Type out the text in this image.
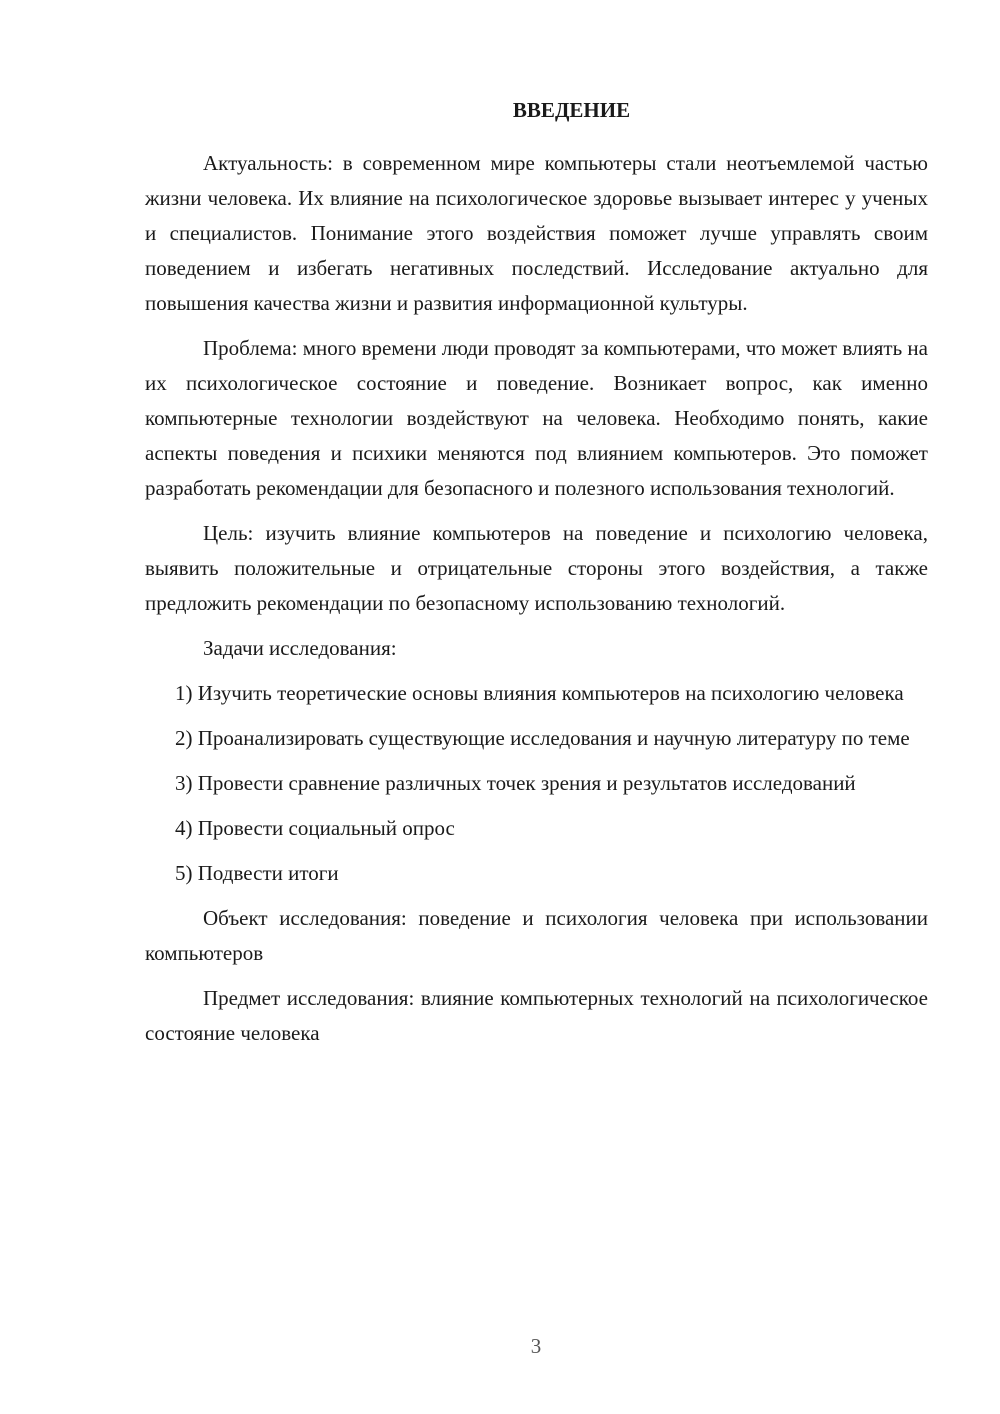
ВВЕДЕНИЕ

Актуальность: в современном мире компьютеры стали неотъемлемой частью жизни человека. Их влияние на психологическое здоровье вызывает интерес у ученых и специалистов. Понимание этого воздействия поможет лучше управлять своим поведением и избегать негативных последствий. Исследование актуально для повышения качества жизни и развития информационной культуры.

Проблема: много времени люди проводят за компьютерами, что может влиять на их психологическое состояние и поведение. Возникает вопрос, как именно компьютерные технологии воздействуют на человека. Необходимо понять, какие аспекты поведения и психики меняются под влиянием компьютеров. Это поможет разработать рекомендации для безопасного и полезного использования технологий.

Цель: изучить влияние компьютеров на поведение и психологию человека, выявить положительные и отрицательные стороны этого воздействия, а также предложить рекомендации по безопасному использованию технологий.

Задачи исследования:

1) Изучить теоретические основы влияния компьютеров на психологию человека

2) Проанализировать существующие исследования и научную литературу по теме

3) Провести сравнение различных точек зрения и результатов исследований

4) Провести социальный опрос

5) Подвести итоги

Объект исследования: поведение и психология человека при использовании компьютеров

Предмет исследования: влияние компьютерных технологий на психологическое состояние человека

3
